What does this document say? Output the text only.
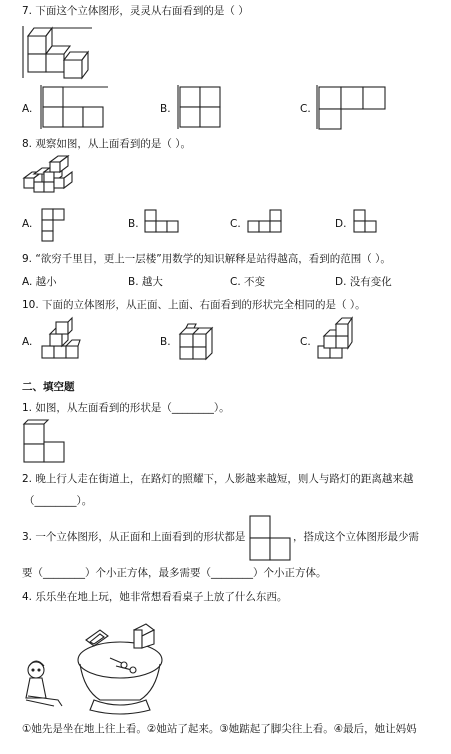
7. 下面这个立体图形，灵灵从右面看到的是（ ）
A.	B.	C.
8. 观察如图，从上面看到的是（ ）。
A.	B.	C.	D.
9. “欲穷千里目，更上一层楼”用数学的知识解释是站得越高，看到的范围（ ）。
A. 越小	B. 越大	C. 不变	D. 没有变化
10. 下面的立体图形，从正面、上面、右面看到的形状完全相同的是（ ）。
A.	B.	C.
二、填空题
1. 如图，从左面看到的形状是（________）。
2. 晚上行人走在街道上，在路灯的照耀下，人影越来越短，则人与路灯的距离越来越
（________）。
3. 一个立体图形，从正面和上面看到的形状都是	，搭成这个立体图形最少需
要（________）个小正方体，最多需要（________）个小正方体。
4. 乐乐坐在地上玩，她非常想看看桌子上放了什么东西。
①她先是坐在地上往上看。②她站了起来。③她踮起了脚尖往上看。④最后，她让妈妈
